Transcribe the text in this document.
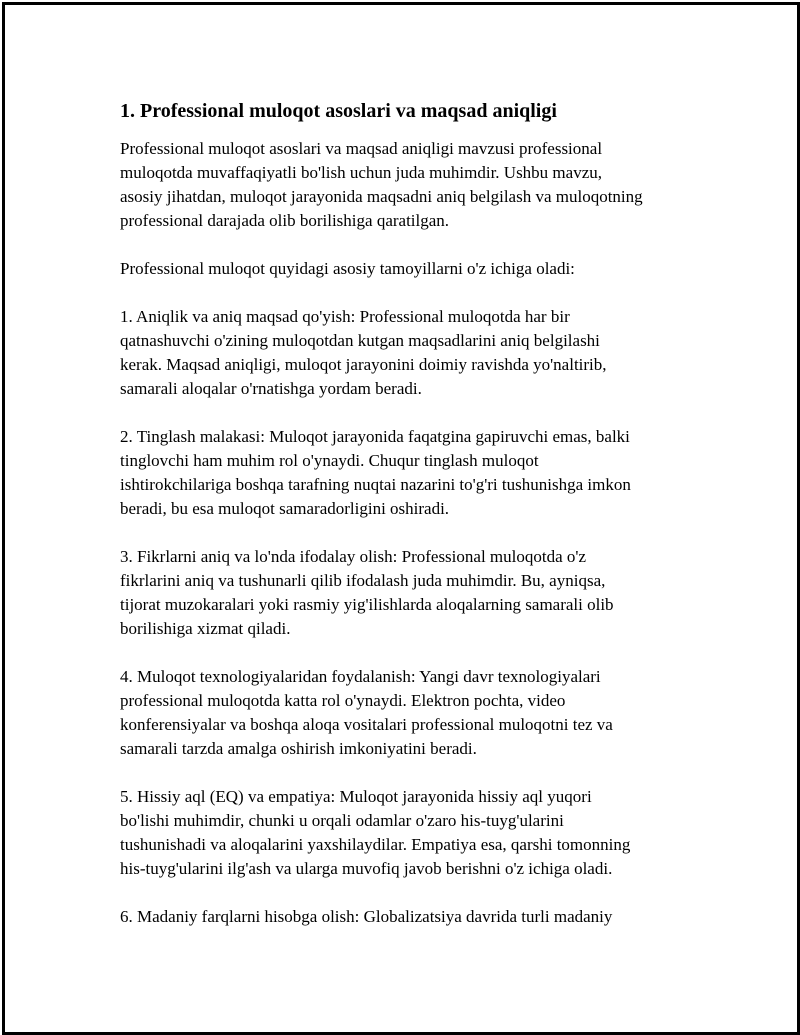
1. Professional muloqot asoslari va maqsad aniqligi

Professional muloqot asoslari va maqsad aniqligi mavzusi professional
muloqotda muvaffaqiyatli bo'lish uchun juda muhimdir. Ushbu mavzu,
asosiy jihatdan, muloqot jarayonida maqsadni aniq belgilash va muloqotning
professional darajada olib borilishiga qaratilgan.

Professional muloqot quyidagi asosiy tamoyillarni o'z ichiga oladi:

1. Aniqlik va aniq maqsad qo'yish: Professional muloqotda har bir
qatnashuvchi o'zining muloqotdan kutgan maqsadlarini aniq belgilashi
kerak. Maqsad aniqligi, muloqot jarayonini doimiy ravishda yo'naltirib,
samarali aloqalar o'rnatishga yordam beradi.

2. Tinglash malakasi: Muloqot jarayonida faqatgina gapiruvchi emas, balki
tinglovchi ham muhim rol o'ynaydi. Chuqur tinglash muloqot
ishtirokchilariga boshqa tarafning nuqtai nazarini to'g'ri tushunishga imkon
beradi, bu esa muloqot samaradorligini oshiradi.

3. Fikrlarni aniq va lo'nda ifodalay olish: Professional muloqotda o'z
fikrlarini aniq va tushunarli qilib ifodalash juda muhimdir. Bu, ayniqsa,
tijorat muzokaralari yoki rasmiy yig'ilishlarda aloqalarning samarali olib
borilishiga xizmat qiladi.

4. Muloqot texnologiyalaridan foydalanish: Yangi davr texnologiyalari
professional muloqotda katta rol o'ynaydi. Elektron pochta, video
konferensiyalar va boshqa aloqa vositalari professional muloqotni tez va
samarali tarzda amalga oshirish imkoniyatini beradi.

5. Hissiy aql (EQ) va empatiya: Muloqot jarayonida hissiy aql yuqori
bo'lishi muhimdir, chunki u orqali odamlar o'zaro his-tuyg'ularini
tushunishadi va aloqalarini yaxshilaydilar. Empatiya esa, qarshi tomonning
his-tuyg'ularini ilg'ash va ularga muvofiq javob berishni o'z ichiga oladi.

6. Madaniy farqlarni hisobga olish: Globalizatsiya davrida turli madaniy
